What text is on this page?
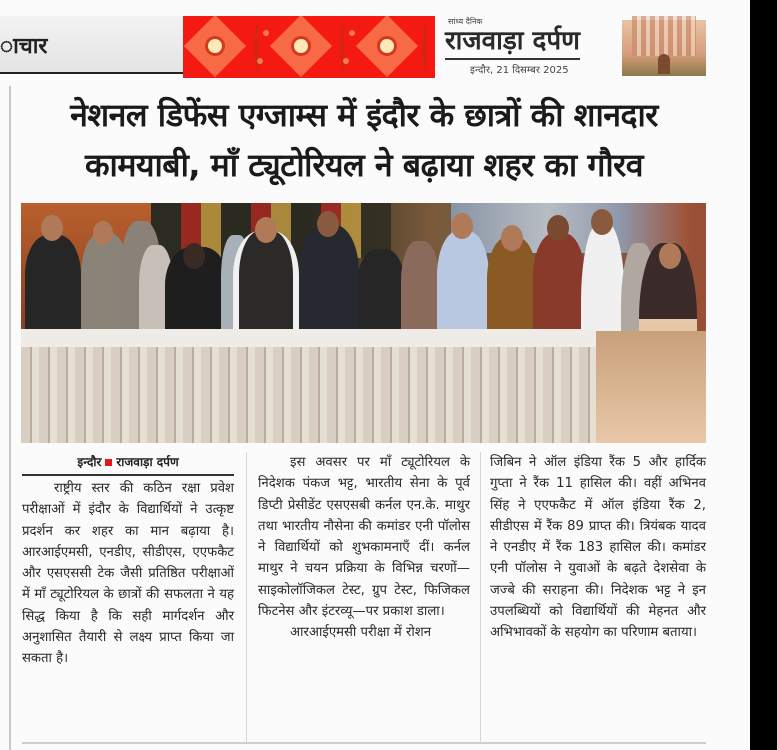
ाचार
सांध्य दैनिक
राजवाड़ा दर्पण
इन्दौर, 21 दिसम्बर 2025
नेशनल डिफेंस एग्जाम्स में इंदौर के छात्रों की शानदार
कामयाबी, माँ ट्यूटोरियल ने बढ़ाया शहर का गौरव
इन्दौर राजवाड़ा दर्पण

राष्ट्रीय स्तर की कठिन रक्षा प्रवेश परीक्षाओं में इंदौर के विद्यार्थियों ने उत्कृष्ट प्रदर्शन कर शहर का मान बढ़ाया है। आरआईएमसी, एनडीए, सीडीएस, एएफकैट और एसएससी टेक जैसी प्रतिष्ठित परीक्षाओं में माँ ट्यूटोरियल के छात्रों की सफलता ने यह सिद्ध किया है कि सही मार्गदर्शन और अनुशासित तैयारी से लक्ष्य प्राप्त किया जा सकता है।

इस अवसर पर माँ ट्यूटोरियल के निदेशक पंकज भट्ट, भारतीय सेना के पूर्व डिप्टी प्रेसीडेंट एसएसबी कर्नल एन.के. माथुर तथा भारतीय नौसेना की कमांडर एनी पॉलोस ने विद्यार्थियों को शुभकामनाएँ दीं। कर्नल माथुर ने चयन प्रक्रिया के विभिन्न चरणों—साइकोलॉजिकल टेस्ट, ग्रुप टेस्ट, फिजिकल फिटनेस और इंटरव्यू—पर प्रकाश डाला।

आरआईएमसी परीक्षा में रोशन

जिबिन ने ऑल इंडिया रैंक 5 और हार्दिक गुप्ता ने रैंक 11 हासिल की। वहीं अभिनव सिंह ने एएफकैट में ऑल इंडिया रैंक 2, सीडीएस में रैंक 89 प्राप्त की। त्रियंबक यादव ने एनडीए में रैंक 183 हासिल की। कमांडर एनी पॉलोस ने युवाओं के बढ़ते देशसेवा के जज्बे की सराहना की। निदेशक भट्ट ने इन उपलब्धियों को विद्यार्थियों की मेहनत और अभिभावकों के सहयोग का परिणाम बताया।
